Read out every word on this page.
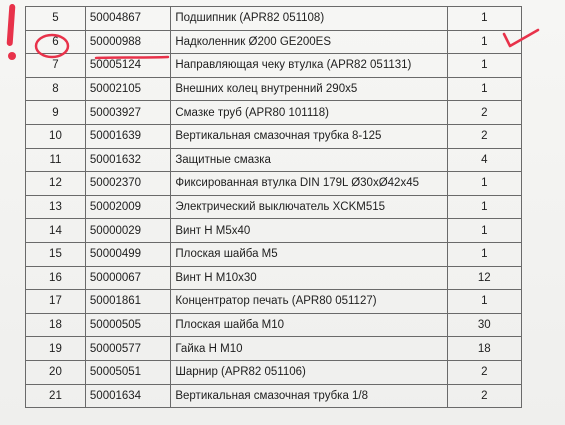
5	50004867	Подшипник (APR82 051108)	1
6	50000988	Надколенник Ø200 GE200ES	1
7	50005124	Направляющая чеку втулка (APR82 051131)	1
8	50002105	Внешних колец внутренний 290x5	1
9	50003927	Смазке труб (APR80 101118)	2
10	50001639	Вертикальная смазочная трубка 8-125	2
11	50001632	Защитные смазка	4
12	50002370	Фиксированная втулка DIN 179L Ø30xØ42x45	1
13	50002009	Электрический выключатель XCKM515	1
14	50000029	Винт H M5x40	1
15	50000499	Плоская шайба M5	1
16	50000067	Винт H M10x30	12
17	50001861	Концентратор печать (APR80 051127)	1
18	50000505	Плоская шайба M10	30
19	50000577	Гайка H M10	18
20	50005051	Шарнир (APR82 051106)	2
21	50001634	Вертикальная смазочная трубка 1/8	2
